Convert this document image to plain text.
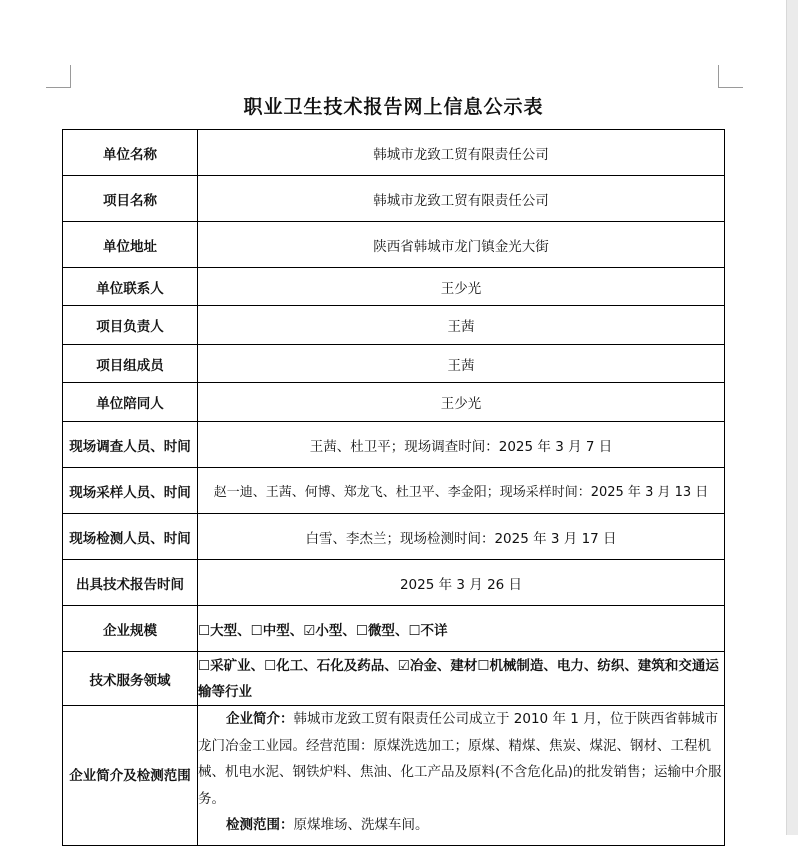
职业卫生技术报告网上信息公示表
单位名称	韩城市龙致工贸有限责任公司
项目名称	韩城市龙致工贸有限责任公司
单位地址	陕西省韩城市龙门镇金光大街
单位联系人	王少光
项目负责人	王茜
项目组成员	王茜
单位陪同人	王少光
现场调查人员、时间	王茜、杜卫平；现场调查时间：2025 年 3 月 7 日
现场采样人员、时间	赵一迪、王茜、何博、郑龙飞、杜卫平、李金阳；现场采样时间：2025 年 3 月 13 日
现场检测人员、时间	白雪、李杰兰；现场检测时间：2025 年 3 月 17 日
出具技术报告时间	2025 年 3 月 26 日
企业规模	☐大型、☐中型、☑小型、☐微型、☐不详
技术服务领域	☐采矿业、☐化工、石化及药品、☑冶金、建材☐机械制造、电力、纺织、建筑和交通运输等行业
企业简介及检测范围	企业简介：韩城市龙致工贸有限责任公司成立于 2010 年 1 月，位于陕西省韩城市龙门冶金工业园。经营范围：原煤洗选加工；原煤、精煤、焦炭、煤泥、钢材、工程机械、机电水泥、钢铁炉料、焦油、化工产品及原料(不含危化品)的批发销售；运输中介服务。

检测范围：原煤堆场、洗煤车间。
